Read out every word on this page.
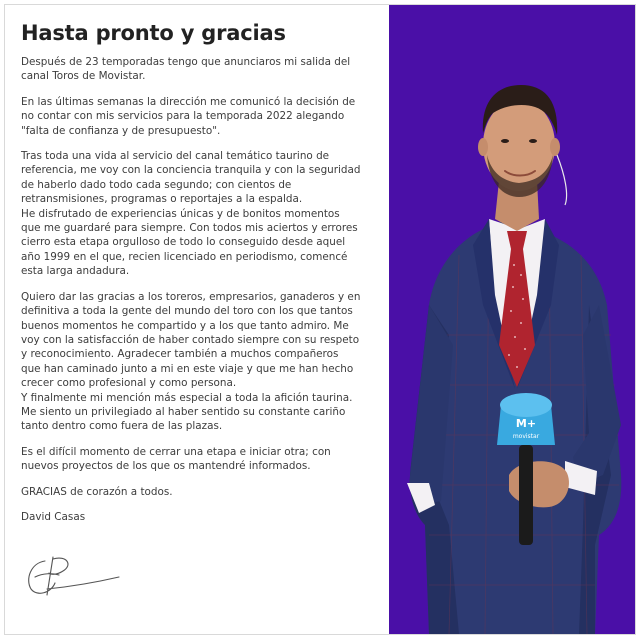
Hasta pronto y gracias

Después de 23 temporadas tengo que anunciaros mi salida del
canal Toros de Movistar.

En las últimas semanas la dirección me comunicó la decisión de
no contar con mis servicios para la temporada 2022 alegando
"falta de confianza y de presupuesto".

Tras toda una vida al servicio del canal temático taurino de
referencia, me voy con la conciencia tranquila y con la seguridad
de haberlo dado todo cada segundo; con cientos de
retransmisiones, programas o reportajes a la espalda.
He disfrutado de experiencias únicas y de bonitos momentos
que me guardaré para siempre. Con todos mis aciertos y errores
cierro esta etapa orgulloso de todo lo conseguido desde aquel
año 1999 en el que, recien licenciado en periodismo, comencé
esta larga andadura.

Quiero dar las gracias a los toreros, empresarios, ganaderos y en
definitiva a toda la gente del mundo del toro con los que tantos
buenos momentos he compartido y a los que tanto admiro. Me
voy con la satisfacción de haber contado siempre con su respeto
y reconocimiento. Agradecer también a muchos compañeros
que han caminado junto a mi en este viaje y que me han hecho
crecer como profesional y como persona.
Y finalmente mi mención más especial a toda la afición taurina.
Me siento un privilegiado al haber sentido su constante cariño
tanto dentro como fuera de las plazas.

Es el difícil momento de cerrar una etapa e iniciar otra; con
nuevos proyectos de los que os mantendré informados.

GRACIAS de corazón a todos.

David Casas

M+
movistar
